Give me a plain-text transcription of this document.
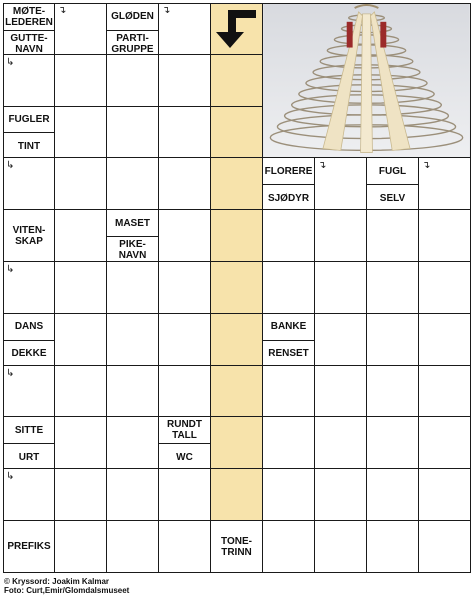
MØTE-
LEDEREN
GUTTE-
NAVN
GLØDEN
PARTI-
GRUPPE
FUGLER
TINT
FLORERE
SJØDYR
FUGL
SELV
VITEN-
SKAP
MASET
PIKE-
NAVN
DANS
DEKKE
BANKE
RENSET
SITTE
URT
RUNDT
TALL
WC
PREFIKS	TONE-
TRINN
↴	↴
↳
↳
↳
↳
↳
↴	↴
© Kryssord: Joakim Kalmar
Foto: Curt,Emir/Glomdalsmuseet
